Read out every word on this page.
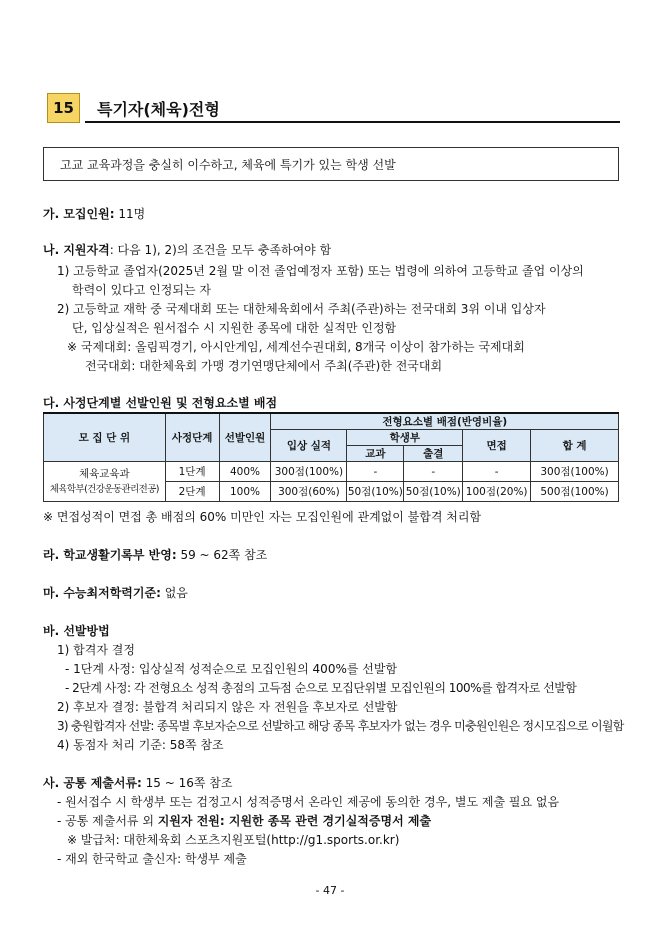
15	특기자(체육)전형
고교 교육과정을 충실히 이수하고, 체육에 특기가 있는 학생 선발
가. 모집인원: 11명
나. 지원자격: 다음 1), 2)의 조건을 모두 충족하여야 함
1) 고등학교 졸업자(2025년 2월 말 이전 졸업예정자 포함) 또는 법령에 의하여 고등학교 졸업 이상의
학력이 있다고 인정되는 자
2) 고등학교 재학 중 국제대회 또는 대한체육회에서 주최(주관)하는 전국대회 3위 이내 입상자
단, 입상실적은 원서접수 시 지원한 종목에 대한 실적만 인정함
※ 국제대회: 올림픽경기, 아시안게임, 세계선수권대회, 8개국 이상이 참가하는 국제대회
전국대회: 대한체육회 가맹 경기연맹단체에서 주최(주관)한 전국대회
다. 사정단계별 선발인원 및 전형요소별 배점
모 집 단 위	사정단계	선발인원	전형요소별 배점(반영비율)				
			입상 실적	학생부		면접	합 계
				교과	출결		

체육교육과
체육학부(건강운동관리전공)	1단계	400%	300점(100%)	-	-	-	300점(100%)
	2단계	100%	300점(60%)	50점(10%)	50점(10%)	100점(20%)	500점(100%)
※ 면접성적이 면접 총 배점의 60% 미만인 자는 모집인원에 관계없이 불합격 처리함
라. 학교생활기록부 반영: 59 ~ 62쪽 참조
마. 수능최저학력기준: 없음
바. 선발방법
1) 합격자 결정
- 1단계 사정: 입상실적 성적순으로 모집인원의 400%를 선발함
- 2단계 사정: 각 전형요소 성적 총점의 고득점 순으로 모집단위별 모집인원의 100%를 합격자로 선발함
2) 후보자 결정: 불합격 처리되지 않은 자 전원을 후보자로 선발함
3) 충원합격자 선발: 종목별 후보자순으로 선발하고 해당 종목 후보자가 없는 경우 미충원인원은 정시모집으로 이월함
4) 동점자 처리 기준: 58쪽 참조
사. 공통 제출서류: 15 ~ 16쪽 참조
- 원서접수 시 학생부 또는 검정고시 성적증명서 온라인 제공에 동의한 경우, 별도 제출 필요 없음
- 공통 제출서류 외 지원자 전원: 지원한 종목 관련 경기실적증명서 제출
※ 발급처: 대한체육회 스포츠지원포털(http://g1.sports.or.kr)
- 재외 한국학교 출신자: 학생부 제출
- 47 -
